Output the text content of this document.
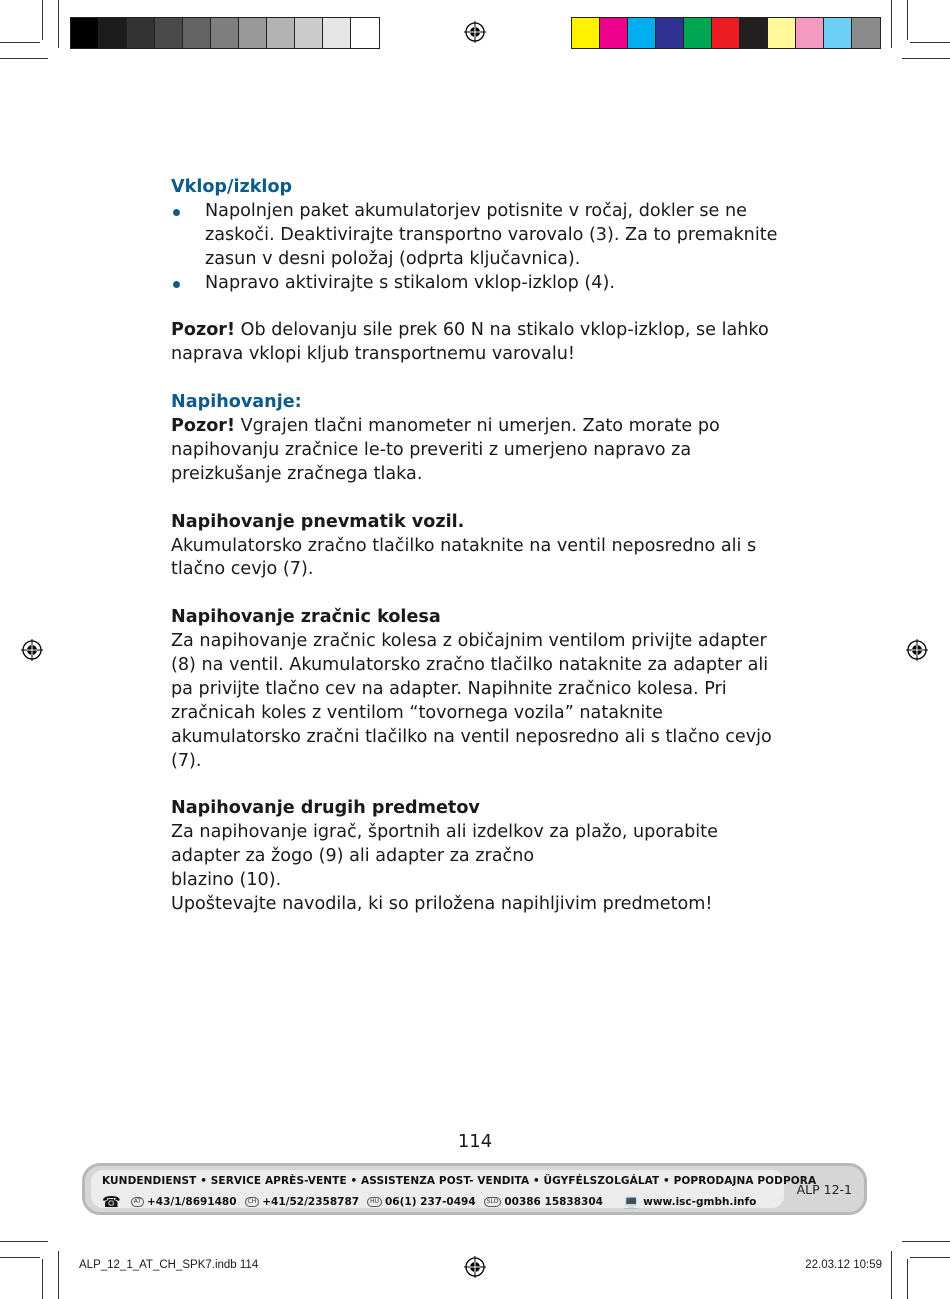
Vklop/izklop

Napolnjen paket akumulatorjev potisnite v ročaj, dokler se ne zaskoči. Deaktivirajte transportno varovalo (3). Za to premaknite zasun v desni položaj (odprta ključavnica).
Napravo aktivirajte s stikalom vklop-izklop (4).

Pozor! Ob delovanju sile prek 60 N na stikalo vklop-izklop, se lahko naprava vklopi kljub transportnemu varovalu!

Napihovanje:

Pozor! Vgrajen tlačni manometer ni umerjen. Zato morate po napihovanju zračnice le-to preveriti z umerjeno napravo za preizkušanje zračnega tlaka.

Napihovanje pnevmatik vozil.

Akumulatorsko zračno tlačilko nataknite na ventil neposredno ali s tlačno cevjo (7).

Napihovanje zračnic kolesa

Za napihovanje zračnic kolesa z običajnim ventilom privijte adapter (8) na ventil. Akumulatorsko zračno tlačilko nataknite za adapter ali pa privijte tlačno cev na adapter. Napihnite zračnico kolesa. Pri zračnicah koles z ventilom “tovornega vozila” nataknite akumulatorsko zračni tlačilko na ventil neposredno ali s tlačno cevjo (7).

Napihovanje drugih predmetov

Za napihovanje igrač, športnih ali izdelkov za plažo, uporabite adapter za žogo (9) ali adapter za zračno

blazino (10).

Upoštevajte navodila, ki so priložena napihljivim predmetom!

114
KUNDENDIENST • SERVICE APRÈS-VENTE • ASSISTENZA POST- VENDITA • ÜGYFÉLSZOLGÁLAT • POPRODAJNA PODPORA
☎	AT +43/1/8691480	CH +41/52/2358787	HU 06(1) 237-0494	SLO 00386 15838304 💻 www.isc-gmbh.info
ALP 12-1
ALP_12_1_AT_CH_SPK7.indb 114	22.03.12 10:59
